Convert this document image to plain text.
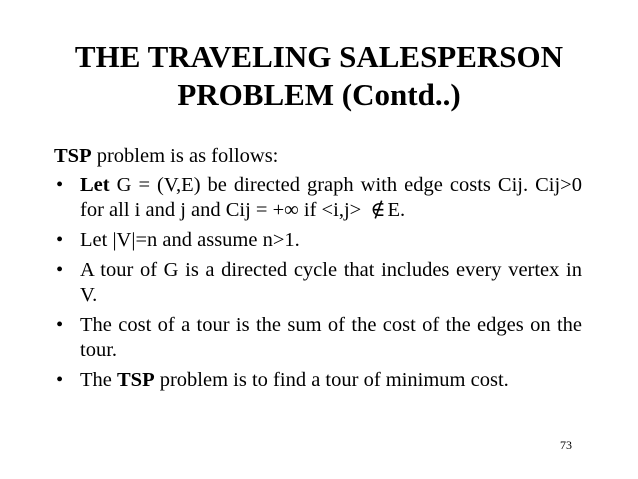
THE TRAVELING SALESPERSON
PROBLEM (Contd..)

TSP problem is as follows:

• Let G = (V,E) be directed graph with edge costs Cij. Cij>0 for all i and j and Cij = +∞ if <i,j> ∉E.
• Let |V|=n and assume n>1.
• A tour of G is a directed cycle that includes every vertex in V.
• The cost of a tour is the sum of the cost of the edges on the tour.
• The TSP problem is to find a tour of minimum cost.
73
